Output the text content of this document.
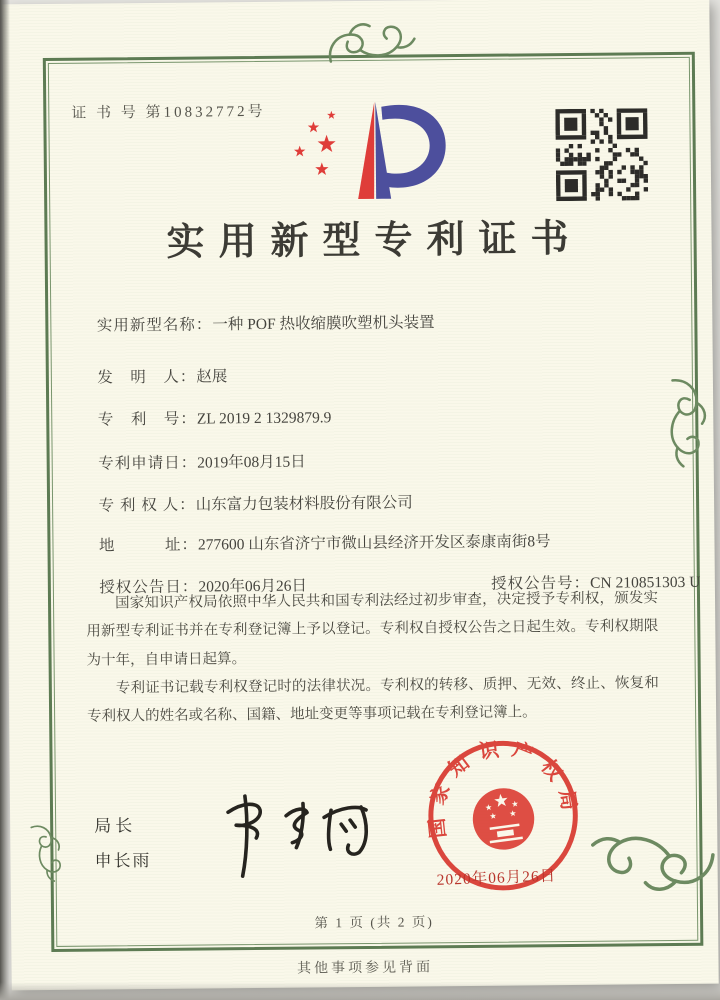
证 书 号 第10832772号
实用新型专利证书

实用新型名称：一种 POF 热收缩膜吹塑机头装置

发　明　人：赵展

专　利　号：ZL 2019 2 1329879.9

专利申请日：2019年08月15日

专 利 权 人：山东富力包装材料股份有限公司

地　　　址：277600 山东省济宁市微山县经济开发区泰康南街8号

授权公告日：2020年06月26日
	授权公告号：CN 210851303 U

国家知识产权局依照中华人民共和国专利法经过初步审查，决定授予专利权，颁发实用新型专利证书并在专利登记簿上予以登记。专利权自授权公告之日起生效。专利权期限为十年，自申请日起算。

专利证书记载专利权登记时的法律状况。专利权的转移、质押、无效、终止、恢复和专利权人的姓名或名称、国籍、地址变更等事项记载在专利登记簿上。

局长
申长雨
国家知识产权局
2020年06月26日
第 1 页 (共 2 页)
其他事项参见背面
